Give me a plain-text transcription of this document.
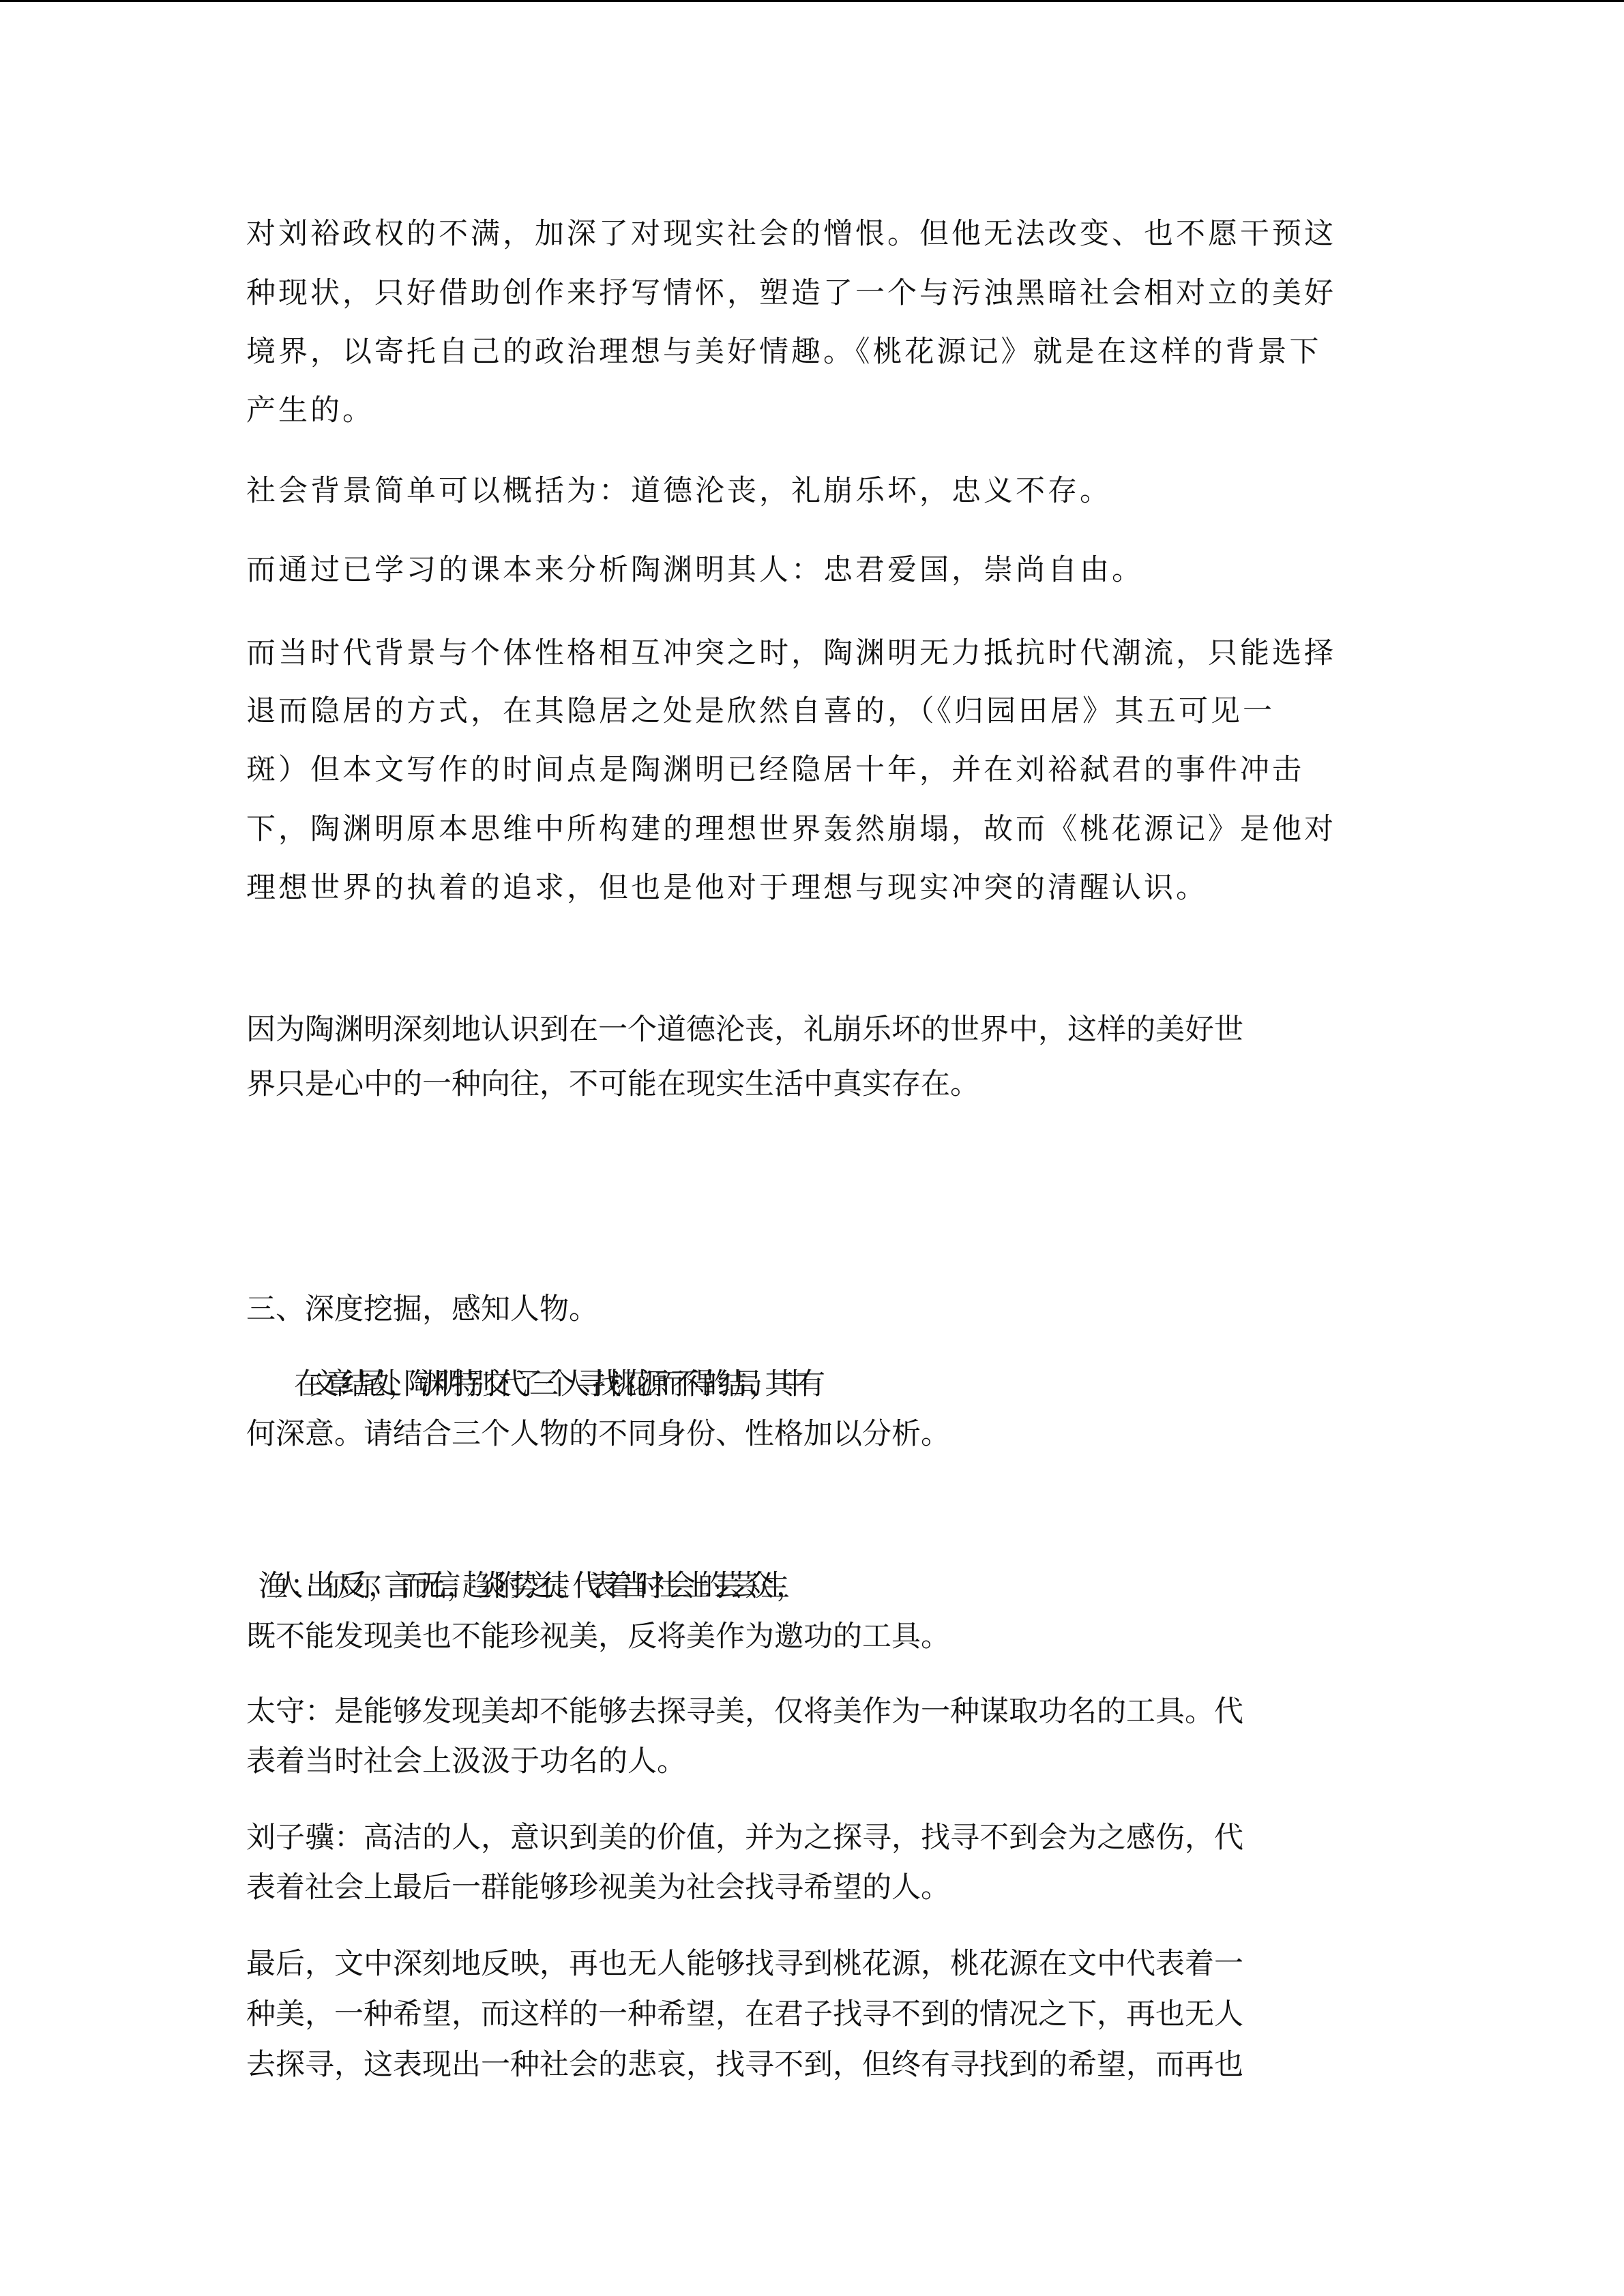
对刘裕政权的不满，加深了对现实社会的憎恨。但他无法改变、也不愿干预这
种现状，只好借助创作来抒写情怀，塑造了一个与污浊黑暗社会相对立的美好
境界，以寄托自己的政治理想与美好情趣。《桃花源记》就是在这样的背景下
产生的。
社会背景简单可以概括为：道德沦丧，礼崩乐坏，忠义不存。
而通过已学习的课本来分析陶渊明其人：忠君爱国，崇尚自由。
而当时代背景与个体性格相互冲突之时，陶渊明无力抵抗时代潮流，只能选择
退而隐居的方式，在其隐居之处是欣然自喜的，（《归园田居》其五可见一
斑）但本文写作的时间点是陶渊明已经隐居十年，并在刘裕弑君的事件冲击
下，陶渊明原本思维中所构建的理想世界轰然崩塌，故而《桃花源记》是他对
理想世界的执着的追求，但也是他对于理想与现实冲突的清醒认识。
因为陶渊明深刻地认识到在一个道德沦丧，礼崩乐坏的世界中，这样的美好世
界只是心中的一种向往，不可能在现实生活中真实存在。
三、深度挖掘，感知人物。
在文章结尾处，陶渊明特别交代了三个人寻找桃花源而不得的结局，其中有
何深意。请结合三个人物的不同身份、性格加以分析。
渔人：出尔反尔，言而无信，趋炎附势之徒。代表着当时社会上的芸芸众生，
既不能发现美也不能珍视美，反将美作为邀功的工具。
太守：是能够发现美却不能够去探寻美，仅将美作为一种谋取功名的工具。代
表着当时社会上汲汲于功名的人。
刘子骥：高洁的人，意识到美的价值，并为之探寻，找寻不到会为之感伤，代
表着社会上最后一群能够珍视美为社会找寻希望的人。
最后，文中深刻地反映，再也无人能够找寻到桃花源，桃花源在文中代表着一
种美，一种希望，而这样的一种希望，在君子找寻不到的情况之下，再也无人
去探寻，这表现出一种社会的悲哀，找寻不到，但终有寻找到的希望，而再也
